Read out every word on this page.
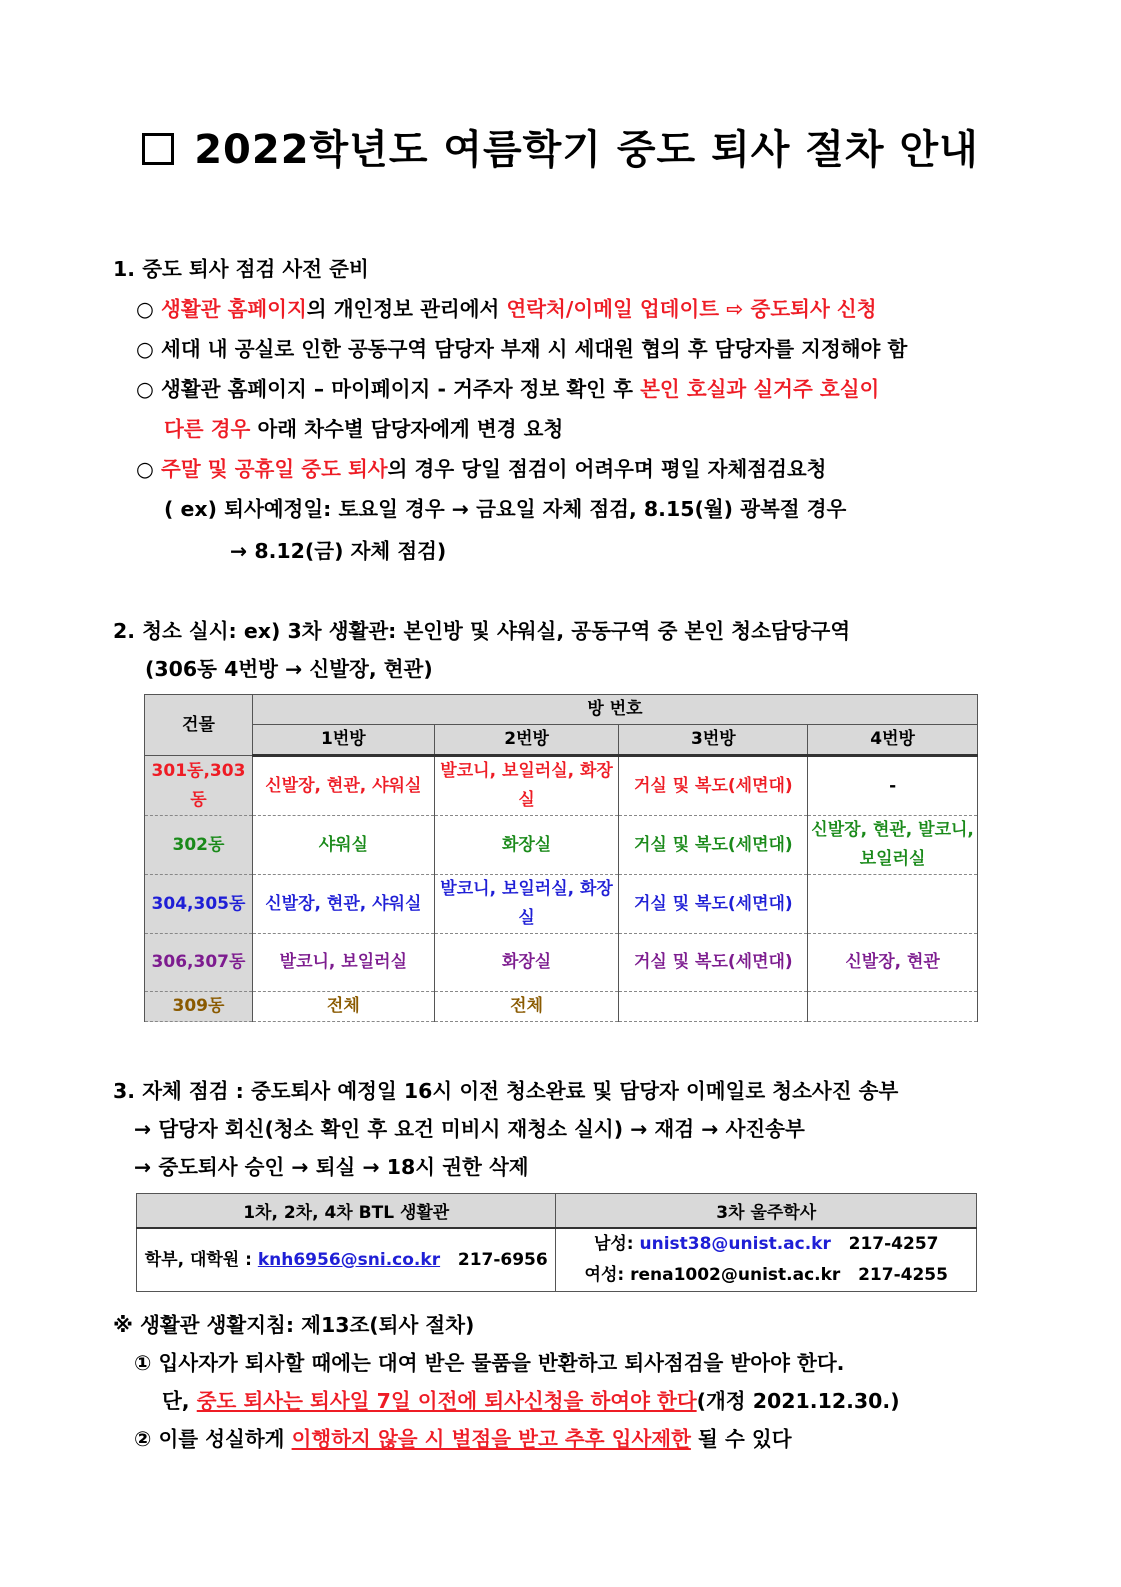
2022학년도 여름학기 중도 퇴사 절차 안내
1. 중도 퇴사 점검 사전 준비
○ 생활관 홈페이지의 개인정보 관리에서 연락처/이메일 업데이트 ⇨ 중도퇴사 신청
○ 세대 내 공실로 인한 공동구역 담당자 부재 시 세대원 협의 후 담당자를 지정해야 함
○ 생활관 홈페이지 – 마이페이지 - 거주자 정보 확인 후 본인 호실과 실거주 호실이
다른 경우 아래 차수별 담당자에게 변경 요청
○ 주말 및 공휴일 중도 퇴사의 경우 당일 점검이 어려우며 평일 자체점검요청
( ex) 퇴사예정일: 토요일 경우 → 금요일 자체 점검, 8.15(월) 광복절 경우
→ 8.12(금) 자체 점검)
2. 청소 실시: ex) 3차 생활관: 본인방 및 샤워실, 공동구역 중 본인 청소담당구역
(306동 4번방 → 신발장, 현관)
건물	방 번호			
	1번방	2번방	3번방	4번방
301동,303동	신발장, 현관, 샤워실	발코니, 보일러실, 화장실	거실 및 복도(세면대)	-
302동	샤워실	화장실	거실 및 복도(세면대)	신발장, 현관, 발코니, 보일러실
304,305동	신발장, 현관, 샤워실	발코니, 보일러실, 화장실	거실 및 복도(세면대)	
306,307동	발코니, 보일러실	화장실	거실 및 복도(세면대)	신발장, 현관
309동	전체	전체		
3. 자체 점검 : 중도퇴사 예정일 16시 이전 청소완료 및 담당자 이메일로 청소사진 송부
→ 담당자 회신(청소 확인 후 요건 미비시 재청소 실시) → 재검 → 사진송부
→ 중도퇴사 승인 → 퇴실 → 18시 권한 삭제
1차, 2차, 4차 BTL 생활관	3차 울주학사
학부, 대학원 : knh6956@sni.co.kr 217-6956	남성: unist38@unist.ac.kr 217-4257
	여성: rena1002@unist.ac.kr 217-4255
※ 생활관 생활지침: 제13조(퇴사 절차)
① 입사자가 퇴사할 때에는 대여 받은 물품을 반환하고 퇴사점검을 받아야 한다.
단, 중도 퇴사는 퇴사일 7일 이전에 퇴사신청을 하여야 한다(개정 2021.12.30.)
② 이를 성실하게 이행하지 않을 시 벌점을 받고 추후 입사제한 될 수 있다
